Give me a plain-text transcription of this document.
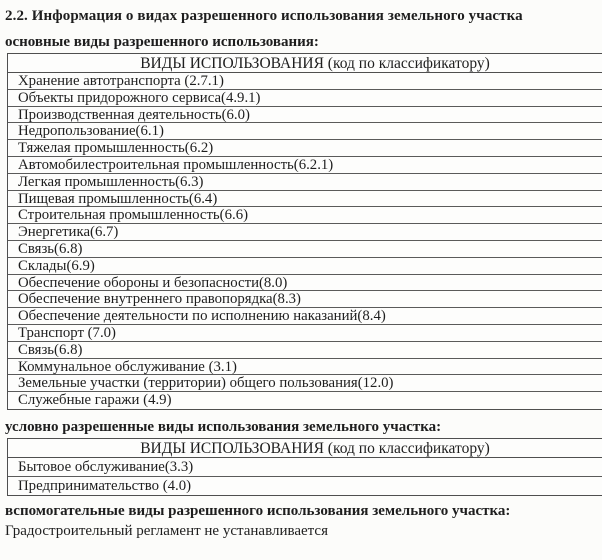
2.2. Информация о видах разрешенного использования земельного участка
основные виды разрешенного использования:
ВИДЫ ИСПОЛЬЗОВАНИЯ (код по классификатору)
Хранение автотранспорта (2.7.1)
Объекты придорожного сервиса(4.9.1)
Производственная деятельность(6.0)
Недропользование(6.1)
Тяжелая промышленность(6.2)
Автомобилестроительная промышленность(6.2.1)
Легкая промышленность(6.3)
Пищевая промышленность(6.4)
Строительная промышленность(6.6)
Энергетика(6.7)
Связь(6.8)
Склады(6.9)
Обеспечение обороны и безопасности(8.0)
Обеспечение внутреннего правопорядка(8.3)
Обеспечение деятельности по исполнению наказаний(8.4)
Транспорт (7.0)
Связь(6.8)
Коммунальное обслуживание (3.1)
Земельные участки (территории) общего пользования(12.0)
Служебные гаражи (4.9)
условно разрешенные виды использования земельного участка:
ВИДЫ ИСПОЛЬЗОВАНИЯ (код по классификатору)
Бытовое обслуживание(3.3)
Предпринимательство (4.0)
вспомогательные виды разрешенного использования земельного участка:
Градостроительный регламент не устанавливается
